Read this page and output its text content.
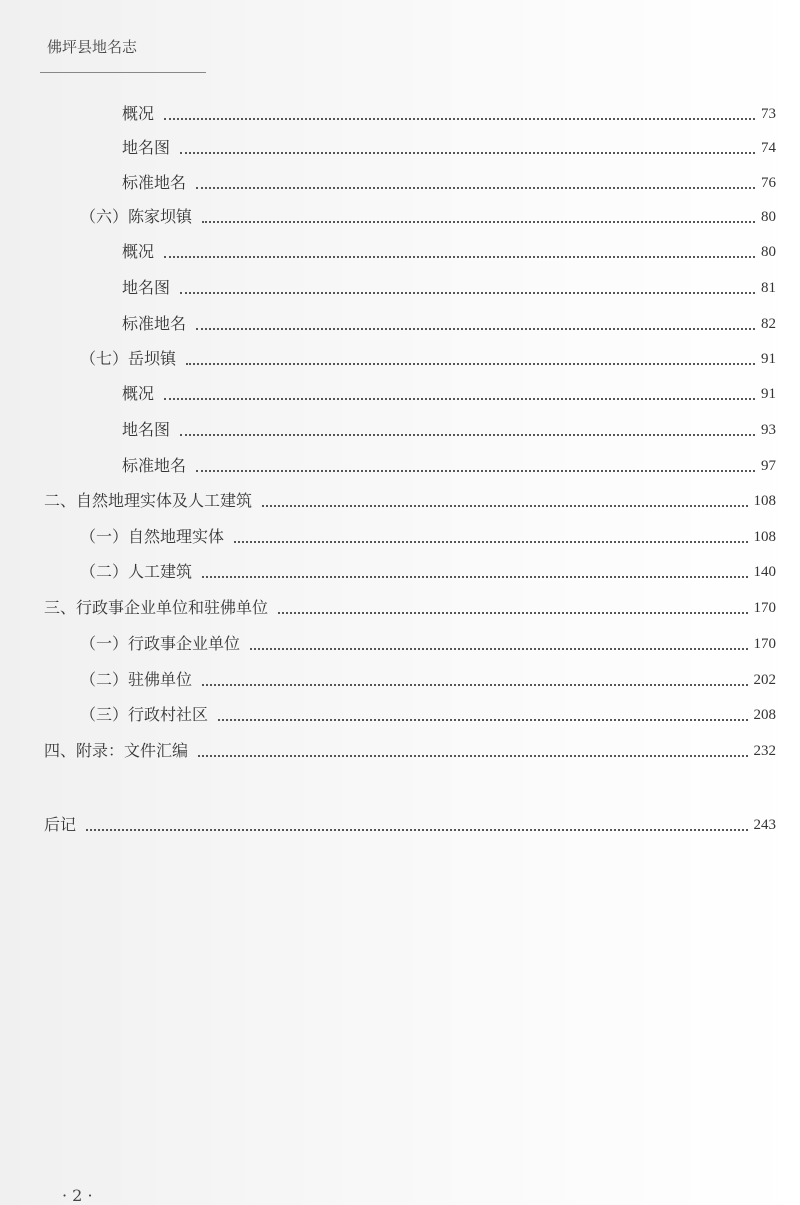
佛坪县地名志
概况	73
地名图	74
标准地名	76
（六）陈家坝镇	80
概况	80
地名图	81
标准地名	82
（七）岳坝镇	91
概况	91
地名图	93
标准地名	97
二、自然地理实体及人工建筑	108
（一）自然地理实体	108
（二）人工建筑	140
三、行政事企业单位和驻佛单位	170
（一）行政事企业单位	170
（二）驻佛单位	202
（三）行政村社区	208
四、附录：文件汇编	232
后记	243
· 2 ·
